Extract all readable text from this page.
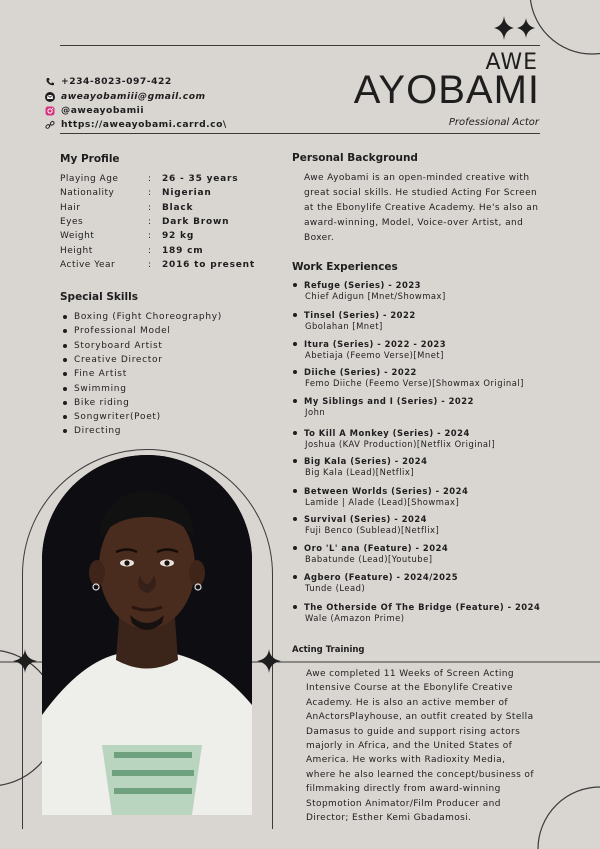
+234-8023-097-422
aweayobamiii@gmail.com
@aweayobamii
https://aweayobami.carrd.co\
AWE
AYOBAMI
Professional Actor
My Profile
Playing Age	:	26 - 35 years
Nationality	:	Nigerian
Hair	:	Black
Eyes	:	Dark Brown
Weight	:	92 kg
Height	:	189 cm
Active Year	:	2016 to present
Special Skills
Boxing (Fight Choreography)
Professional Model
Storyboard Artist
Creative Director
Fine Artist
Swimming
Bike riding
Songwriter(Poet)
Directing
Personal Background
Awe Ayobami is an open-minded creative with great social skills. He studied Acting For Screen at the Ebonylife Creative Academy. He's also an award-winning, Model, Voice-over Artist, and Boxer.
Work Experiences
Refuge (Series) - 2023
Chief Adigun [Mnet/Showmax]
Tinsel (Series) - 2022
Gbolahan [Mnet]
Itura (Series) - 2022 - 2023
Abetiaja (Feemo Verse)[Mnet]
Diiche (Series) - 2022
Femo Diiche (Feemo Verse)[Showmax Original]
My Siblings and I (Series) - 2022
John
To Kill A Monkey (Series) - 2024
Joshua (KAV Production)[Netflix Original]
Big Kala (Series) - 2024
Big Kala (Lead)[Netflix]
Between Worlds (Series) - 2024
Lamide | Alade (Lead)[Showmax]
Survival (Series) - 2024
Fuji Benco (Sublead)[Netflix]
Oro 'L' ana (Feature) - 2024
Babatunde (Lead)[Youtube]
Agbero (Feature) - 2024/2025
Tunde (Lead)
The Otherside Of The Bridge (Feature) - 2024
Wale (Amazon Prime)
Acting Training
Awe completed 11 Weeks of Screen Acting Intensive Course at the Ebonylife Creative Academy. He is also an active member of AnActorsPlayhouse, an outfit created by Stella Damasus to guide and support rising actors majorly in Africa, and the United States of America. He works with Radioxity Media, where he also learned the concept/business of filmmaking directly from award-winning Stopmotion Animator/Film Producer and Director; Esther Kemi Gbadamosi.
